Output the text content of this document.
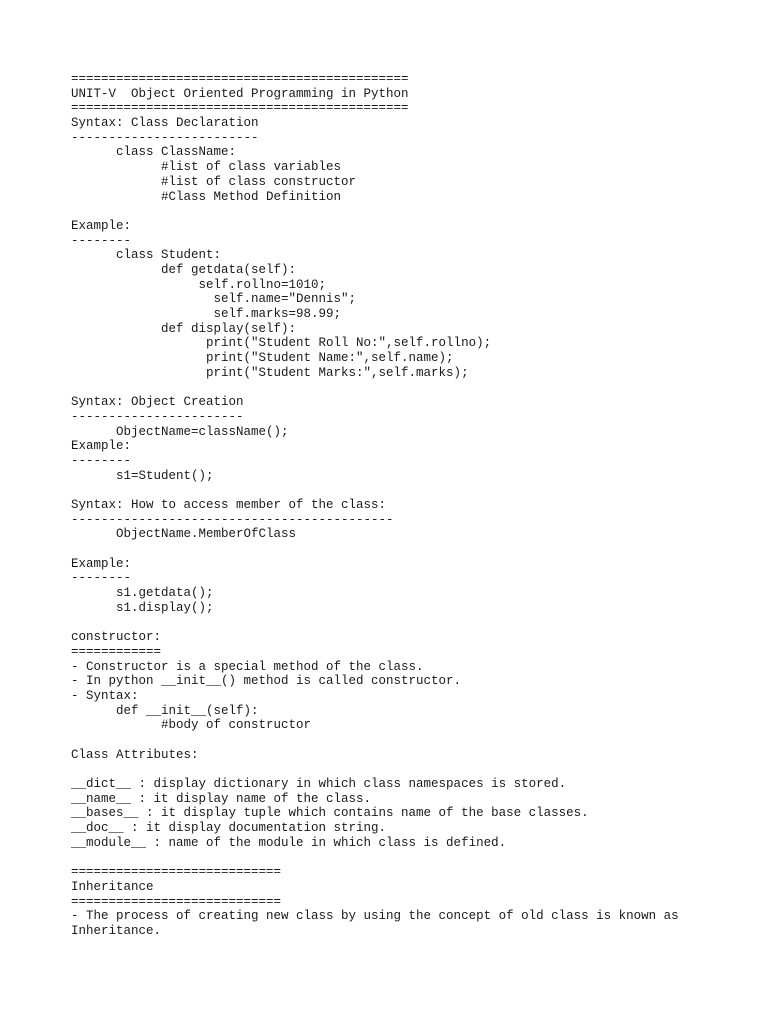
=============================================
UNIT-V  Object Oriented Programming in Python
=============================================
Syntax: Class Declaration
-------------------------
class ClassName:
#list of class variables
#list of class constructor
#Class Method Definition
Example:
--------
class Student:
def getdata(self):
self.rollno=1010;
self.name="Dennis";
self.marks=98.99;
def display(self):
print("Student Roll No:",self.rollno);
print("Student Name:",self.name);
print("Student Marks:",self.marks);
Syntax: Object Creation
-----------------------
ObjectName=className();
Example:
--------
s1=Student();
Syntax: How to access member of the class:
-------------------------------------------
ObjectName.MemberOfClass
Example:
--------
s1.getdata();
s1.display();
constructor:
============
- Constructor is a special method of the class.
- In python __init__() method is called constructor.
- Syntax:
def __init__(self):
#body of constructor
Class Attributes:
__dict__ : display dictionary in which class namespaces is stored.
__name__ : it display name of the class.
__bases__ : it display tuple which contains name of the base classes.
__doc__ : it display documentation string.
__module__ : name of the module in which class is defined.
============================
Inheritance
============================
- The process of creating new class by using the concept of old class is known as
Inheritance.
